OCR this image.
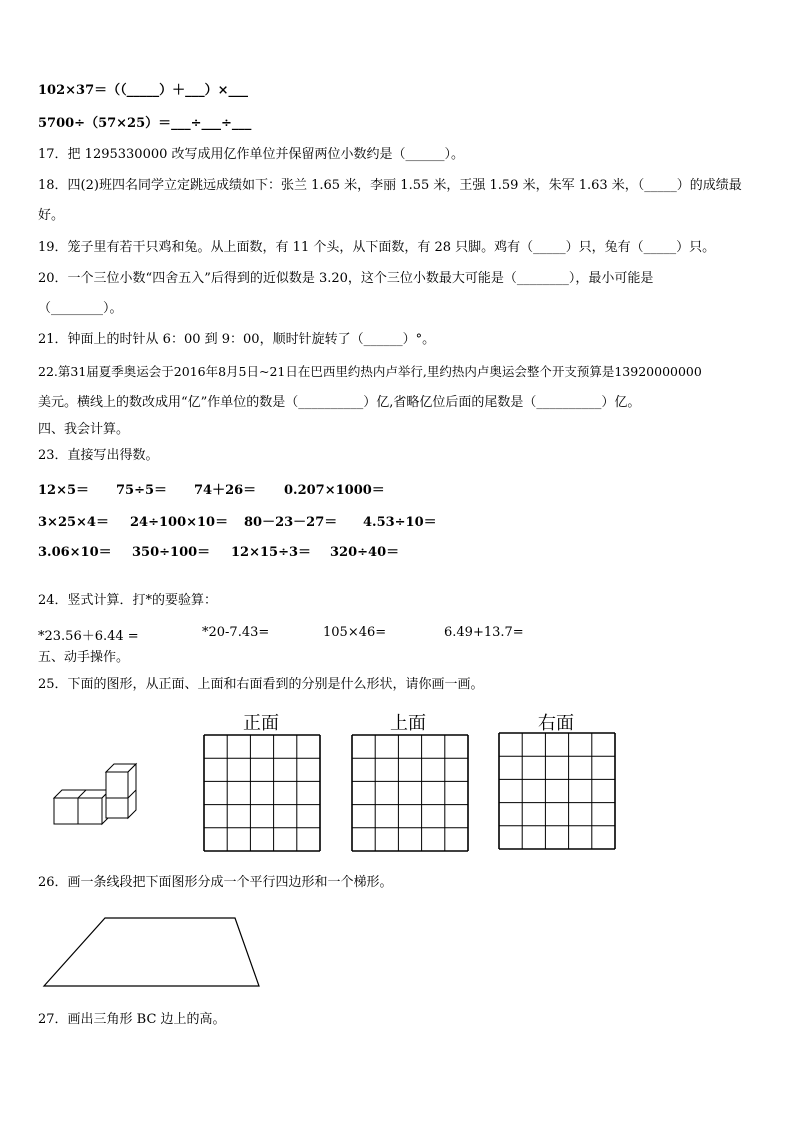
102×37＝（（_____）＋___）×___
5700÷（57×25）＝___÷___÷___
17．把 1295330000 改写成用亿作单位并保留两位小数约是（______）。
18．四(2)班四名同学立定跳远成绩如下：张兰 1.65 米，李丽 1.55 米，王强 1.59 米，朱军 1.63 米，（_____）的成绩最
好。
19．笼子里有若干只鸡和兔。从上面数，有 11 个头，从下面数，有 28 只脚。鸡有（_____）只，兔有（_____）只。
20．一个三位小数“四舍五入”后得到的近似数是 3.20，这个三位小数最大可能是（________），最小可能是
（________）。
21．钟面上的时针从 6：00 到 9：00，顺时针旋转了（______）°。
22.第31届夏季奥运会于2016年8月5日~21日在巴西里约热内卢举行,里约热内卢奥运会整个开支预算是13920000000
美元。横线上的数改成用“亿”作单位的数是（__________）亿,省略亿位后面的尾数是（__________）亿。
四、我会计算。
23．直接写出得数。
12×5＝ 75÷5＝ 74＋26＝ 0.207×1000＝
3×25×4＝ 24÷100×10＝ 80－23－27＝ 4.53÷10＝
3.06×10＝ 350÷100＝ 12×15÷3＝ 320÷40＝
24．竖式计算．打*的要验算：
*23.56＋6.44 =	*20-7.43=	105×46=	6.49+13.7=
五、动手操作。
25．下面的图形，从正面、上面和右面看到的分别是什么形状，请你画一画。
正面	上面	右面
26．画一条线段把下面图形分成一个平行四边形和一个梯形。
27．画出三角形 BC 边上的高。
